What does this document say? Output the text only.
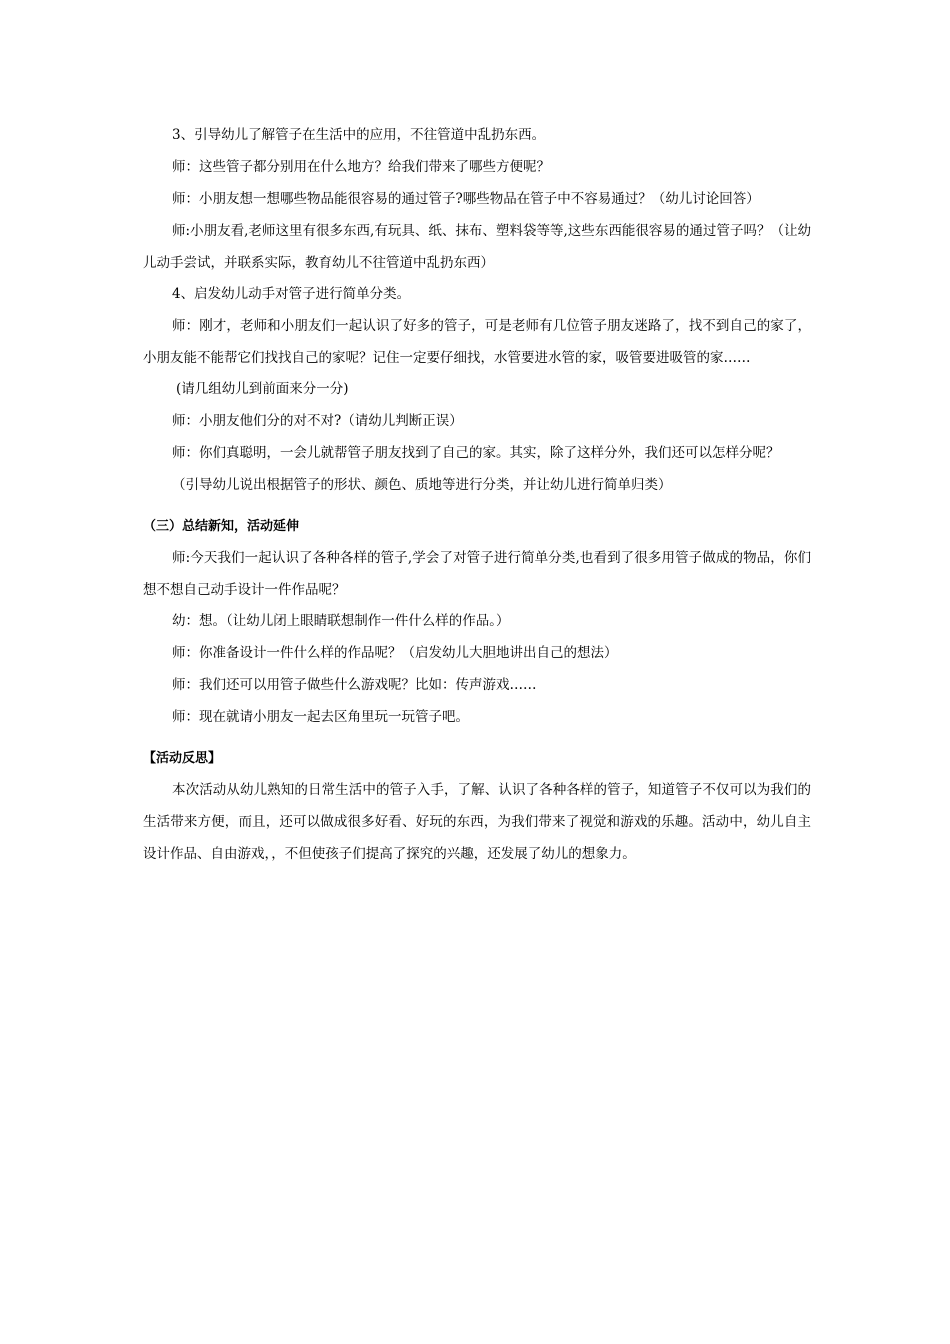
3、引导幼儿了解管子在生活中的应用，不往管道中乱扔东西。

师：这些管子都分别用在什么地方？给我们带来了哪些方便呢？

师：小朋友想一想哪些物品能很容易的通过管子?哪些物品在管子中不容易通过？（幼儿讨论回答）

师:小朋友看,老师这里有很多东西,有玩具、纸、抹布、塑料袋等等,这些东西能很容易的通过管子吗？（让幼儿动手尝试，并联系实际，教育幼儿不往管道中乱扔东西）

4、启发幼儿动手对管子进行简单分类。

师：刚才，老师和小朋友们一起认识了好多的管子，可是老师有几位管子朋友迷路了，找不到自己的家了，小朋友能不能帮它们找找自己的家呢？记住一定要仔细找，水管要进水管的家，吸管要进吸管的家……

(请几组幼儿到前面来分一分)

师：小朋友他们分的对不对?（请幼儿判断正误）

师：你们真聪明，一会儿就帮管子朋友找到了自己的家。其实，除了这样分外，我们还可以怎样分呢？

（引导幼儿说出根据管子的形状、颜色、质地等进行分类，并让幼儿进行简单归类）

（三）总结新知，活动延伸

师:今天我们一起认识了各种各样的管子,学会了对管子进行简单分类,也看到了很多用管子做成的物品，你们想不想自己动手设计一件作品呢？

幼：想。（让幼儿闭上眼睛联想制作一件什么样的作品。）

师：你准备设计一件什么样的作品呢？（启发幼儿大胆地讲出自己的想法）

师：我们还可以用管子做些什么游戏呢？比如：传声游戏……

师：现在就请小朋友一起去区角里玩一玩管子吧。

【活动反思】

本次活动从幼儿熟知的日常生活中的管子入手，了解、认识了各种各样的管子，知道管子不仅可以为我们的生活带来方便，而且，还可以做成很多好看、好玩的东西，为我们带来了视觉和游戏的乐趣。活动中，幼儿自主设计作品、自由游戏，，不但使孩子们提高了探究的兴趣，还发展了幼儿的想象力。
